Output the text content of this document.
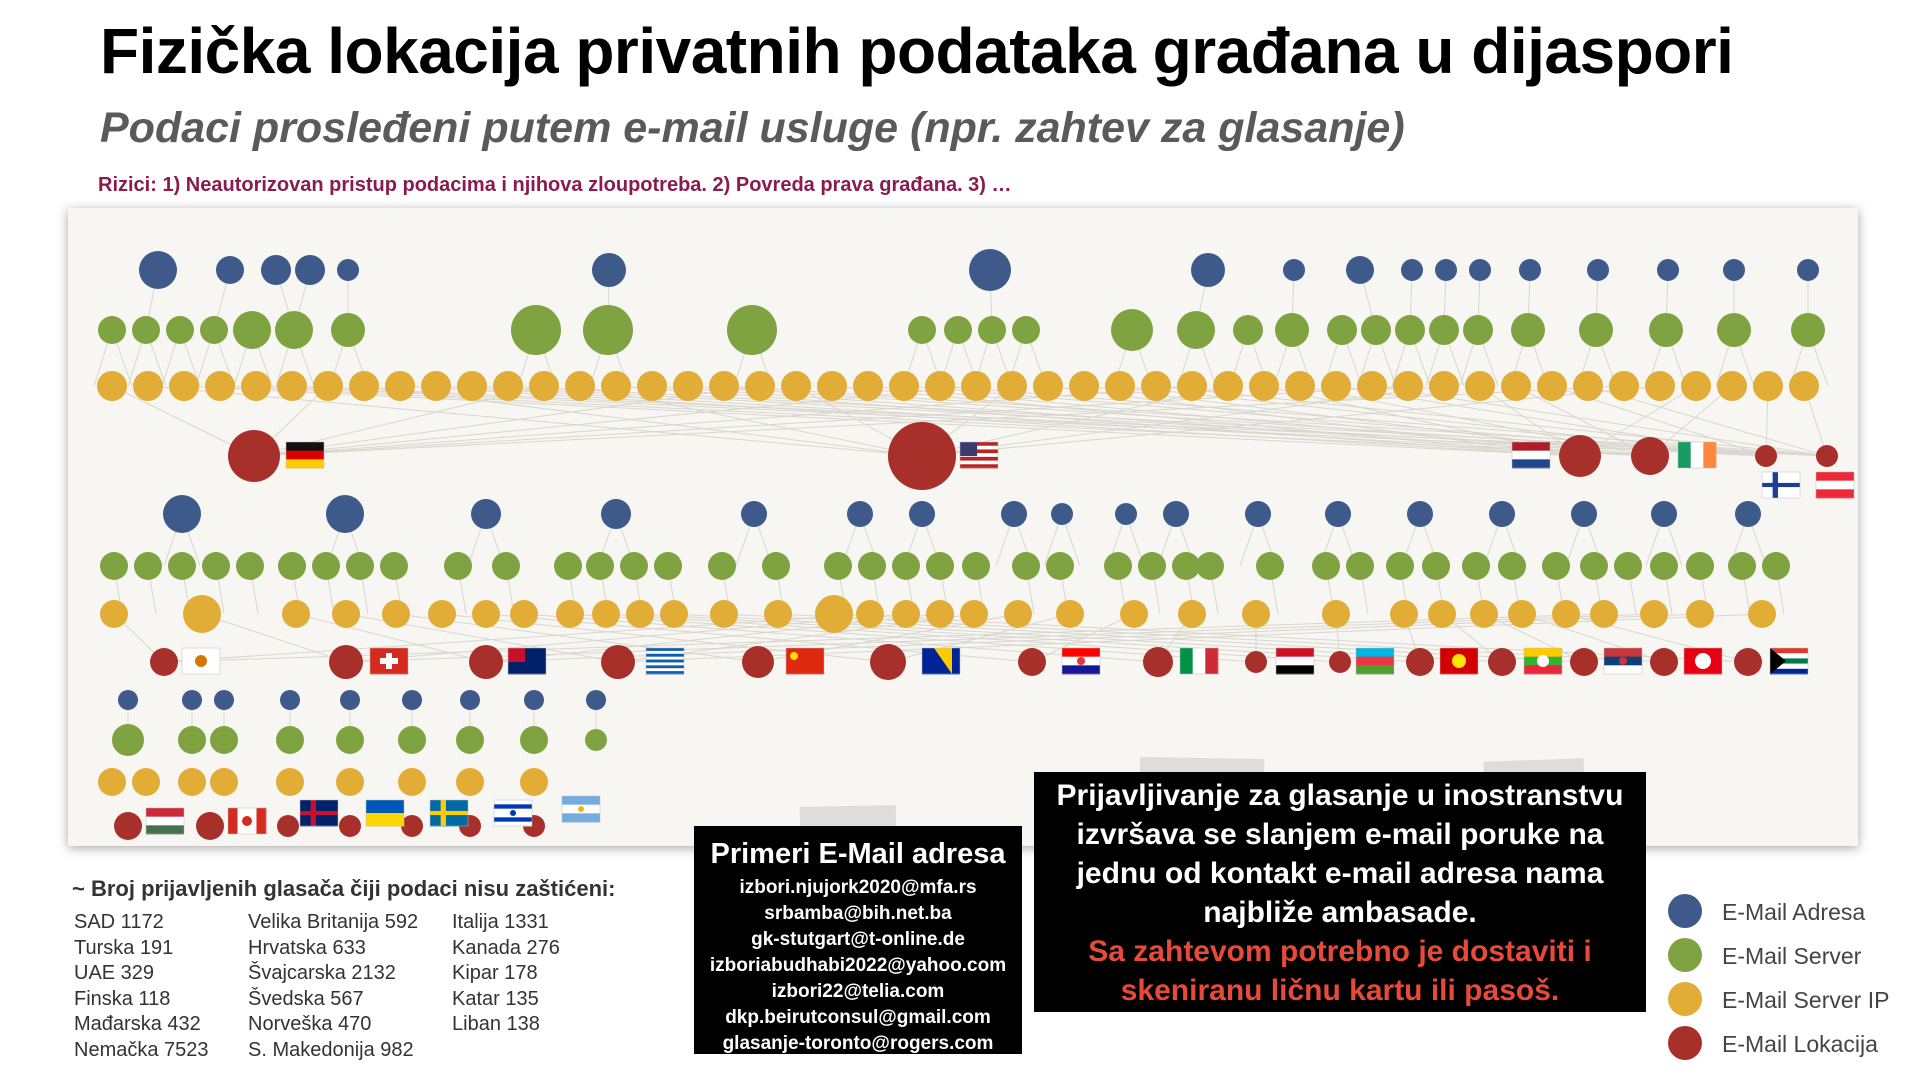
Fizička lokacija privatnih podataka građana u dijaspori
Podaci prosleđeni putem e-mail usluge (npr. zahtev za glasanje)
Rizici: 1) Neautorizovan pristup podacima i njihova zloupotreba. 2) Povreda prava građana. 3) …
~ Broj prijavljenih glasača čiji podaci nisu zaštićeni:
SAD 1172
Turska 191
UAE 329
Finska 118
Mađarska 432
Nemačka 7523
Velika Britanija 592
Hrvatska 633
Švajcarska 2132
Švedska 567
Norveška 470
S. Makedonija 982
Italija 1331
Kanada 276
Kipar 178
Katar 135
Liban 138
Primeri E-Mail adresa
izbori.njujork2020@mfa.rs
srbamba@bih.net.ba
gk-stutgart@t-online.de
izboriabudhabi2022@yahoo.com
izbori22@telia.com
dkp.beirutconsul@gmail.com
glasanje-toronto@rogers.com
Prijavljivanje za glasanje u inostranstvu izvršava se slanjem e-mail poruke na jednu od kontakt e-mail adresa nama najbliže ambasade.
Sa zahtevom potrebno je dostaviti i skeniranu ličnu kartu ili pasoš.
E-Mail Adresa
E-Mail Server
E-Mail Server IP
E-Mail Lokacija
